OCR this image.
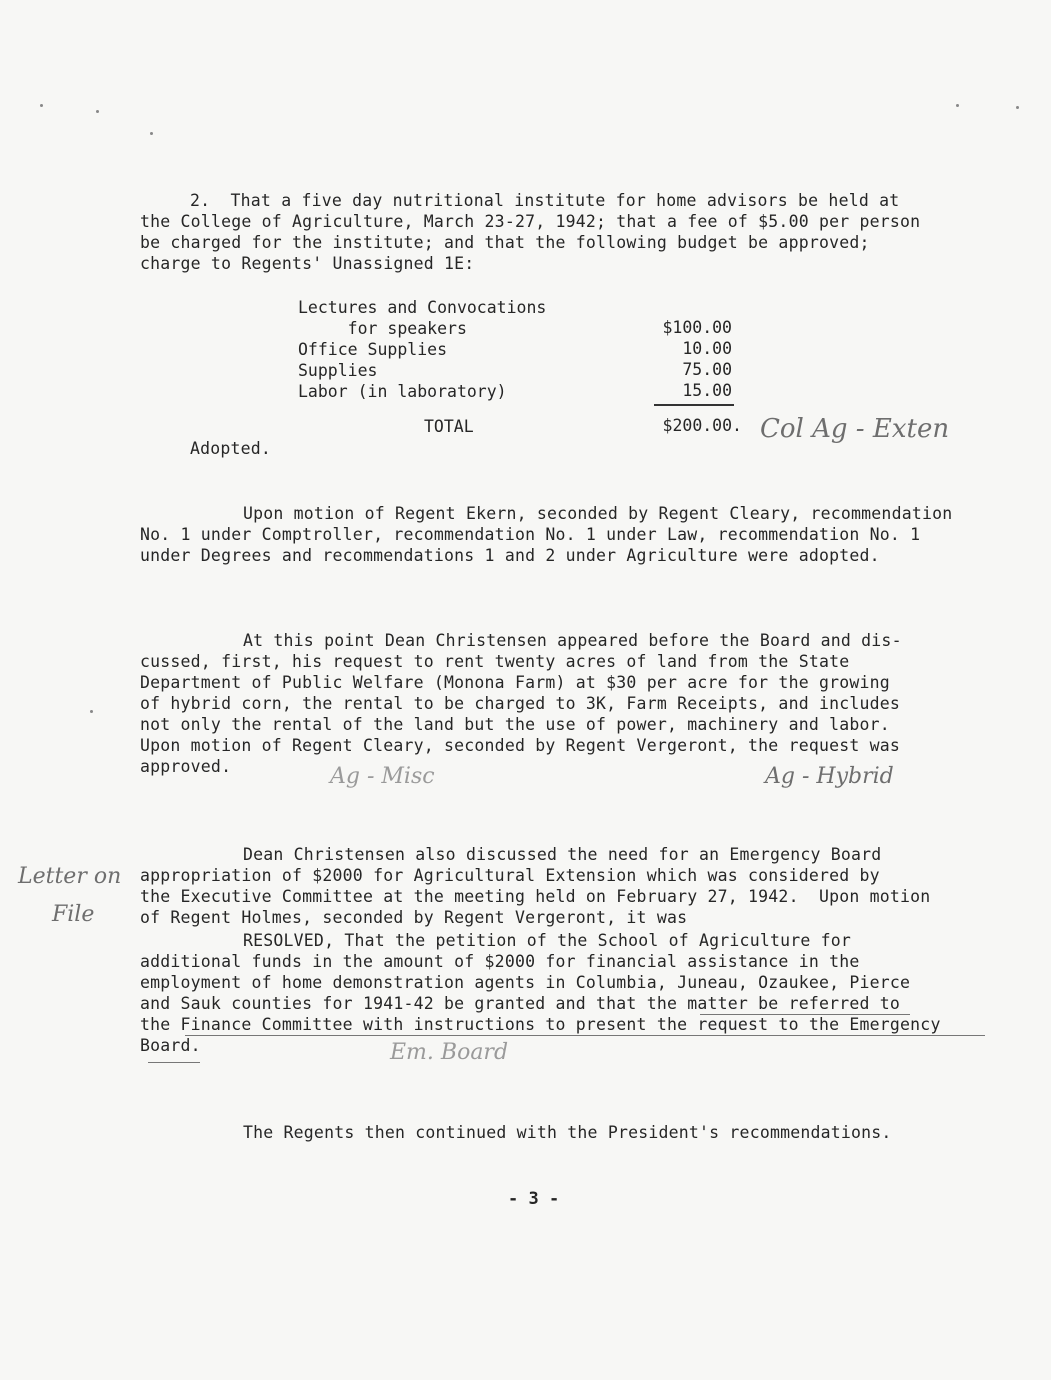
2.  That a five day nutritional institute for home advisors be held at
the College of Agriculture, March 23-27, 1942; that a fee of $5.00 per person
be charged for the institute; and that the following budget be approved;
charge to Regents' Unassigned 1E:
Lectures and Convocations
for speakers	$100.00
Office Supplies	10.00
Supplies	75.00
Labor (in laboratory)	15.00
TOTAL	$200.00.
Adopted.
Upon motion of Regent Ekern, seconded by Regent Cleary, recommendation
No. 1 under Comptroller, recommendation No. 1 under Law, recommendation No. 1
under Degrees and recommendations 1 and 2 under Agriculture were adopted.
At this point Dean Christensen appeared before the Board and dis-
cussed, first, his request to rent twenty acres of land from the State
Department of Public Welfare (Monona Farm) at $30 per acre for the growing
of hybrid corn, the rental to be charged to 3K, Farm Receipts, and includes
not only the rental of the land but the use of power, machinery and labor.
Upon motion of Regent Cleary, seconded by Regent Vergeront, the request was
approved.
Dean Christensen also discussed the need for an Emergency Board
appropriation of $2000 for Agricultural Extension which was considered by
the Executive Committee at the meeting held on February 27, 1942.  Upon motion
of Regent Holmes, seconded by Regent Vergeront, it was
RESOLVED, That the petition of the School of Agriculture for
additional funds in the amount of $2000 for financial assistance in the
employment of home demonstration agents in Columbia, Juneau, Ozaukee, Pierce
and Sauk counties for 1941-42 be granted and that the matter be referred to
the Finance Committee with instructions to present the request to the Emergency
Board.
The Regents then continued with the President's recommendations.
- 3 -
Col Ag - Exten
Ag - Misc	Ag - Hybrid
Letter on
File
Em. Board
